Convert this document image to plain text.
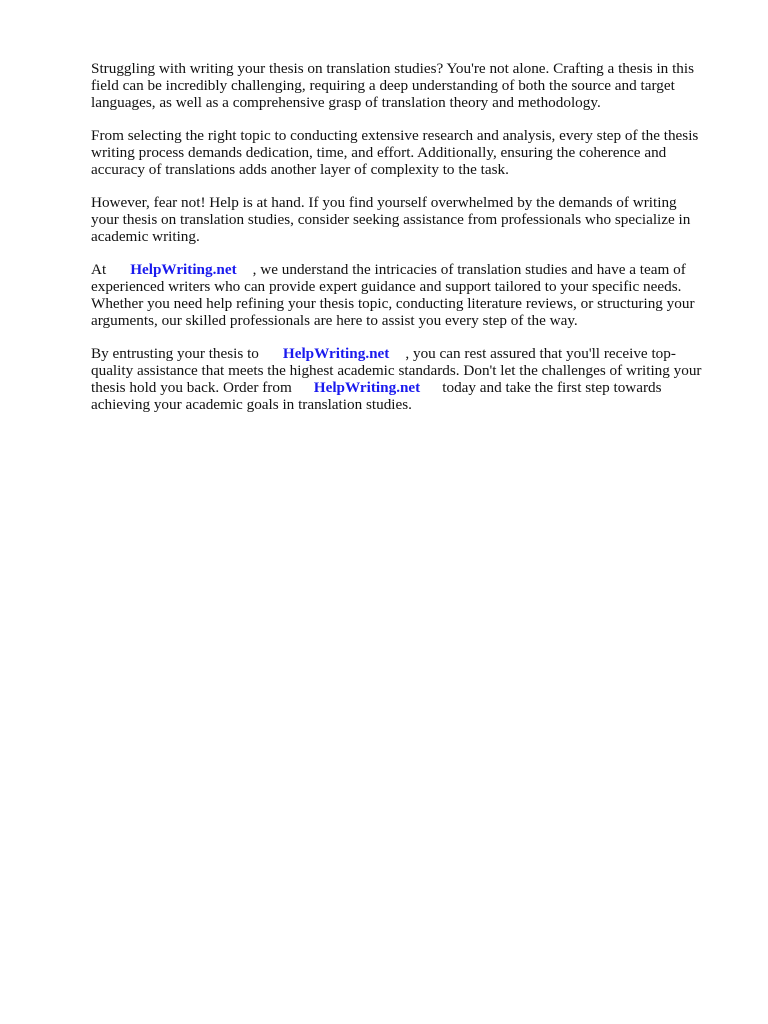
Struggling with writing your thesis on translation studies? You're not alone. Crafting a thesis in this
field can be incredibly challenging, requiring a deep understanding of both the source and target
languages, as well as a comprehensive grasp of translation theory and methodology.

From selecting the right topic to conducting extensive research and analysis, every step of the thesis
writing process demands dedication, time, and effort. Additionally, ensuring the coherence and
accuracy of translations adds another layer of complexity to the task.

However, fear not! Help is at hand. If you find yourself overwhelmed by the demands of writing
your thesis on translation studies, consider seeking assistance from professionals who specialize in
academic writing.

At HelpWriting.net , we understand the intricacies of translation studies and have a team of
experienced writers who can provide expert guidance and support tailored to your specific needs.
Whether you need help refining your thesis topic, conducting literature reviews, or structuring your
arguments, our skilled professionals are here to assist you every step of the way.

By entrusting your thesis to HelpWriting.net , you can rest assured that you'll receive top-
quality assistance that meets the highest academic standards. Don't let the challenges of writing your
thesis hold you back. Order from HelpWriting.net today and take the first step towards
achieving your academic goals in translation studies.
